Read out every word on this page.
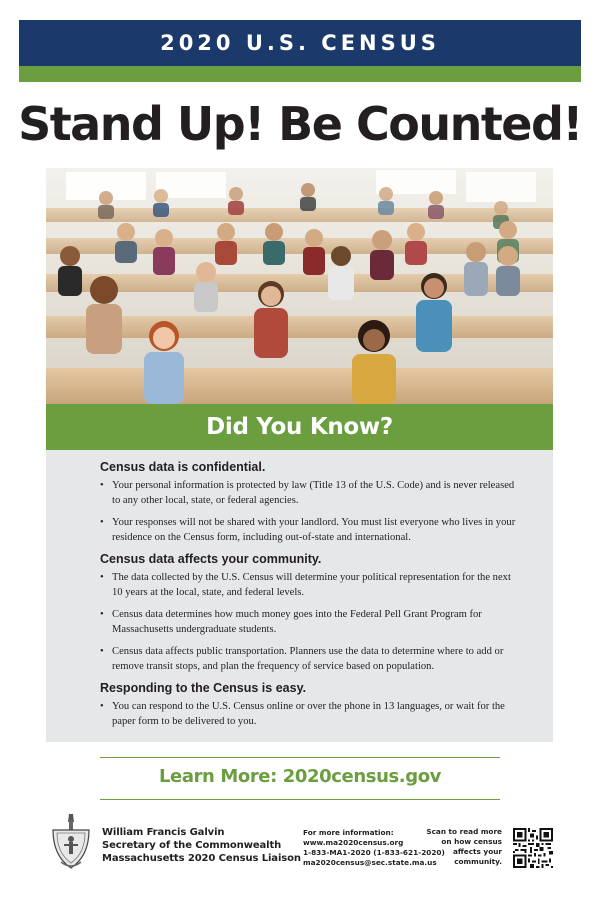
2020 U.S. CENSUS
Stand Up! Be Counted!
Did You Know?
Census data is confidential.
• Your personal information is protected by law (Title 13 of the U.S. Code) and is never released to any other local, state, or federal agencies.
• Your responses will not be shared with your landlord. You must list everyone who lives in your residence on the Census form, including out-of-state and international.
Census data affects your community.
• The data collected by the U.S. Census will determine your political representation for the next 10 years at the local, state, and federal levels.
• Census data determines how much money goes into the Federal Pell Grant Program for Massachusetts undergraduate students.
• Census data affects public transportation. Planners use the data to determine where to add or remove transit stops, and plan the frequency of service based on population.
Responding to the Census is easy.
• You can respond to the U.S. Census online or over the phone in 13 languages, or wait for the paper form to be delivered to you.
Learn More: 2020census.gov
William Francis Galvin
Secretary of the Commonwealth
Massachusetts 2020 Census Liaison
For more information:
www.ma2020census.org
1-833-MA1-2020 (1-833-621-2020)
ma2020census@sec.state.ma.us
Scan to read more
on how census
affects your
community.
